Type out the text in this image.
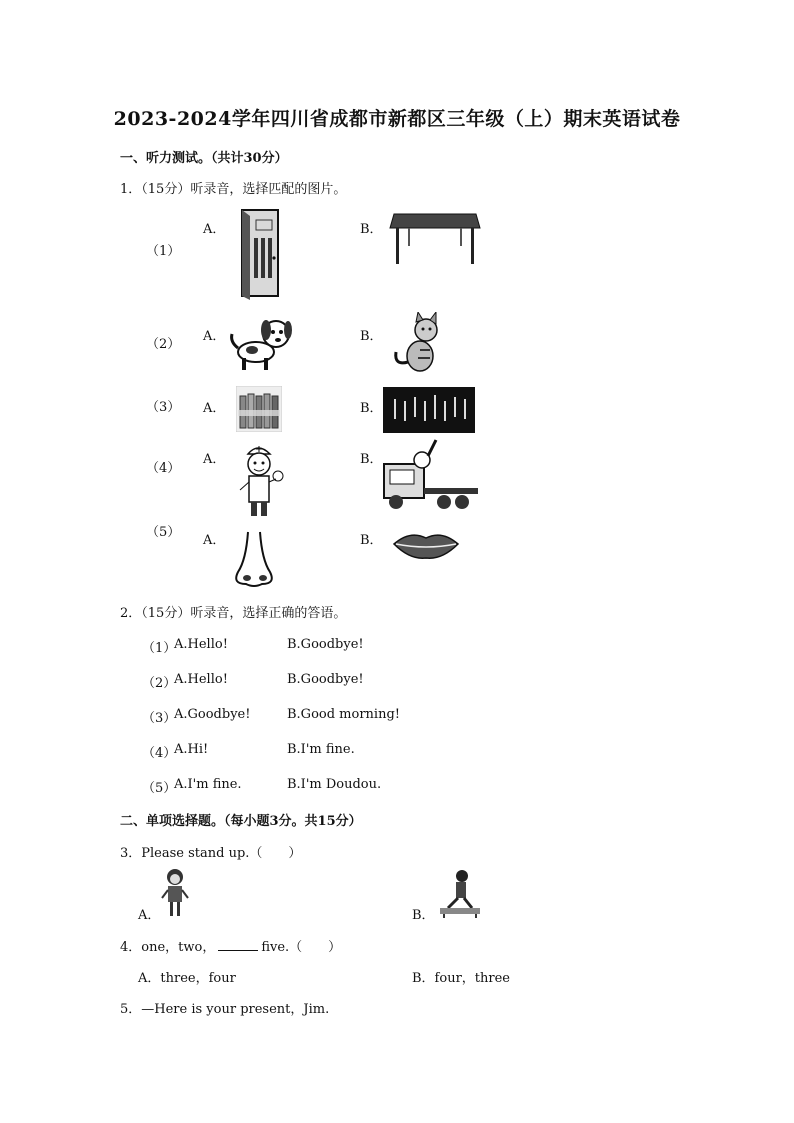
2023-2024学年四川省成都市新都区三年级（上）期末英语试卷
一、听力测试。（共计30分）
1．（15分）听录音，选择匹配的图片。
（1）
A．	B．
（2）
A．	B．
（3） A．	B．
（4）
A．	B．
（5）
A．	B．
2．（15分）听录音，选择正确的答语。
（1）
A.Hello!	B.Goodbye!
（2）
A.Hello!	B.Goodbye!
（3）
A.Goodbye!	B.Good morning!
（4）
A.Hi!	B.I'm fine.
（5）
A.I'm fine.	B.I'm Doudou.
二、单项选择题。（每小题3分。共15分）
3．Please stand up.（　　）
A．	B．
4．one，two，	five.（　　）
A．three，four	B．four，three
5．—Here is your present，Jim.
